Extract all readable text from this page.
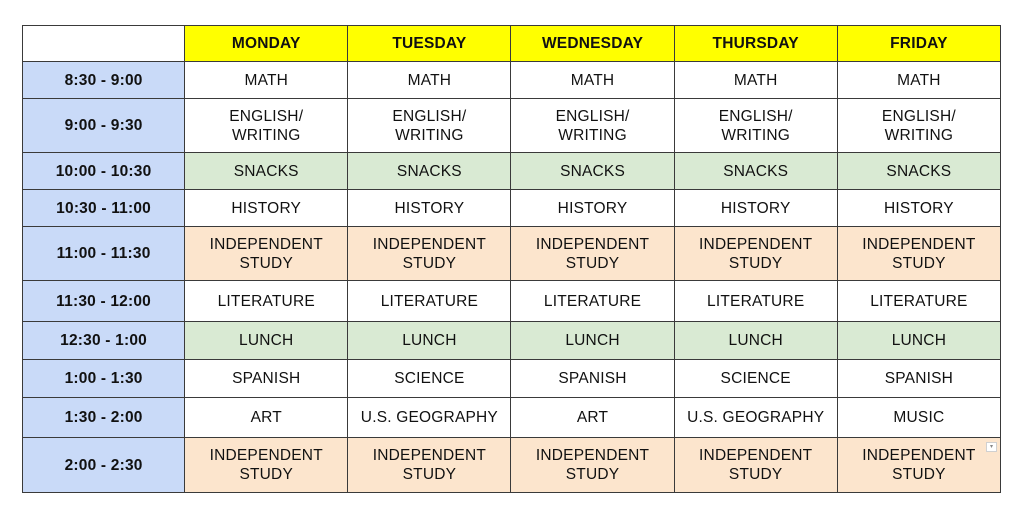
	MONDAY	TUESDAY	WEDNESDAY	THURSDAY	FRIDAY
8:30 - 9:00	MATH	MATH	MATH	MATH	MATH

9:00 - 9:30	ENGLISH/
WRITING	ENGLISH/
WRITING	ENGLISH/
WRITING	ENGLISH/
WRITING	ENGLISH/
WRITING

10:00 - 10:30	SNACKS	SNACKS	SNACKS	SNACKS	SNACKS

10:30 - 11:00	HISTORY	HISTORY	HISTORY	HISTORY	HISTORY

11:00 - 11:30	INDEPENDENT
STUDY	INDEPENDENT
STUDY	INDEPENDENT
STUDY	INDEPENDENT
STUDY	INDEPENDENT
STUDY

11:30 - 12:00	LITERATURE	LITERATURE	LITERATURE	LITERATURE	LITERATURE

12:30 - 1:00	LUNCH	LUNCH	LUNCH	LUNCH	LUNCH

1:00 - 1:30	SPANISH	SCIENCE	SPANISH	SCIENCE	SPANISH

1:30 - 2:00	ART	U.S. GEOGRAPHY	ART	U.S. GEOGRAPHY	MUSIC

2:00 - 2:30	INDEPENDENT
STUDY	INDEPENDENT
STUDY	INDEPENDENT
STUDY	INDEPENDENT
STUDY	INDEPENDENT
STUDY
▾
